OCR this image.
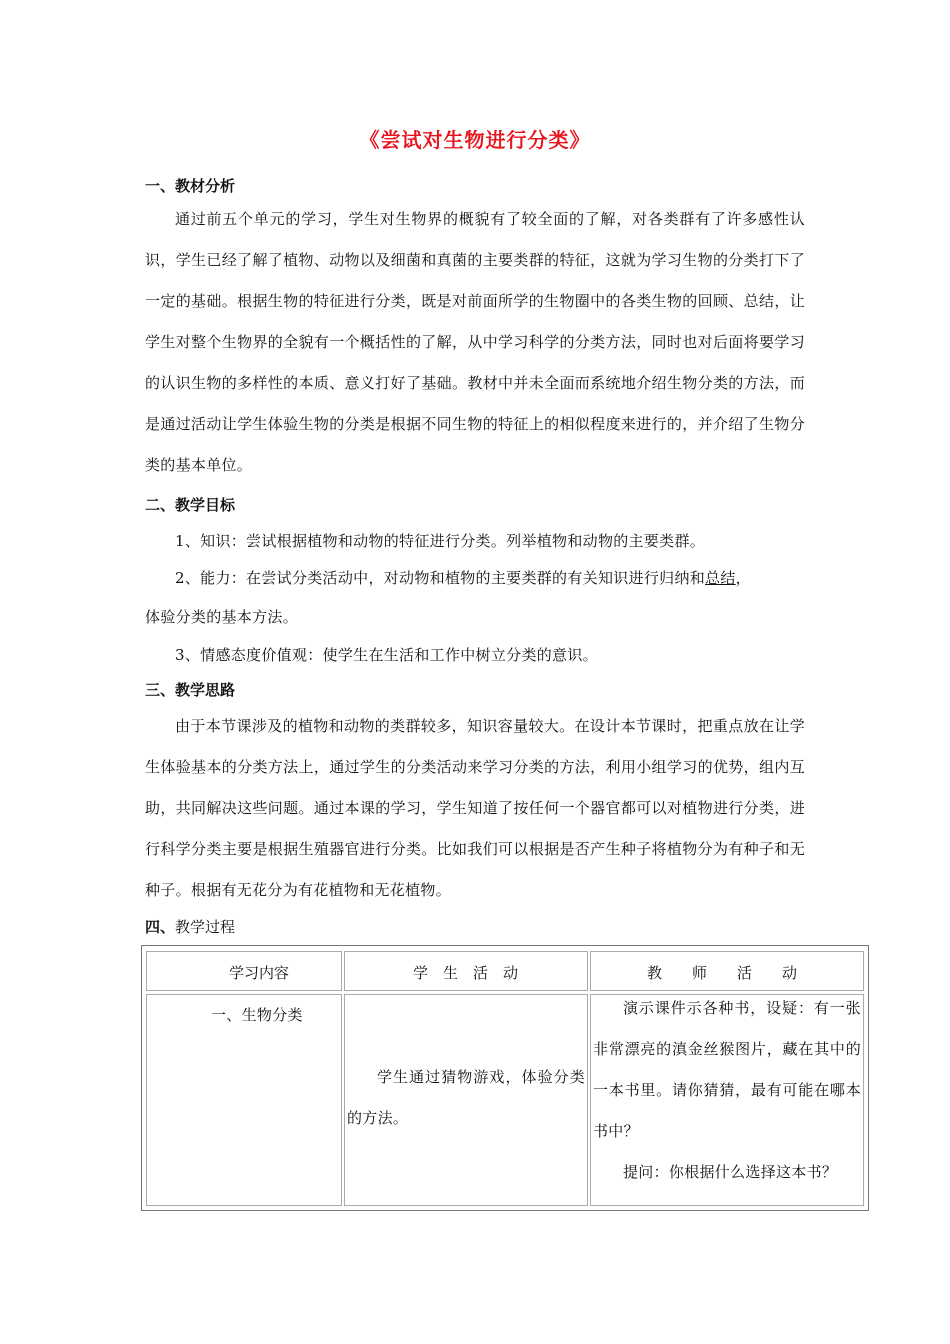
《尝试对生物进行分类》
一、教材分析
通过前五个单元的学习，学生对生物界的概貌有了较全面的了解，对各类群有了许多感性认识，学生已经了解了植物、动物以及细菌和真菌的主要类群的特征，这就为学习生物的分类打下了一定的基础。根据生物的特征进行分类，既是对前面所学的生物圈中的各类生物的回顾、总结，让学生对整个生物界的全貌有一个概括性的了解，从中学习科学的分类方法，同时也对后面将要学习的认识生物的多样性的本质、意义打好了基础。教材中并未全面而系统地介绍生物分类的方法，而是通过活动让学生体验生物的分类是根据不同生物的特征上的相似程度来进行的，并介绍了生物分类的基本单位。
二、教学目标
1、知识：尝试根据植物和动物的特征进行分类。列举植物和动物的主要类群。
2、能力：在尝试分类活动中，对动物和植物的主要类群的有关知识进行归纳和总结，
体验分类的基本方法。
3、情感态度价值观：使学生在生活和工作中树立分类的意识。
三、教学思路
由于本节课涉及的植物和动物的类群较多，知识容量较大。在设计本节课时，把重点放在让学生体验基本的分类方法上，通过学生的分类活动来学习分类的方法，利用小组学习的优势，组内互助，共同解决这些问题。通过本课的学习，学生知道了按任何一个器官都可以对植物进行分类，进行科学分类主要是根据生殖器官进行分类。比如我们可以根据是否产生种子将植物分为有种子和无种子。根据有无花分为有花植物和无花植物。
四、教学过程
学习内容	学　生　活　动	教　　师　　活　　动
一、生物分类
学生通过猜物游戏，体验分类的方法。
演示课件示各种书，设疑：有一张非常漂亮的滇金丝猴图片，藏在其中的一本书里。请你猜猜，最有可能在哪本书中？
提问：你根据什么选择这本书？
